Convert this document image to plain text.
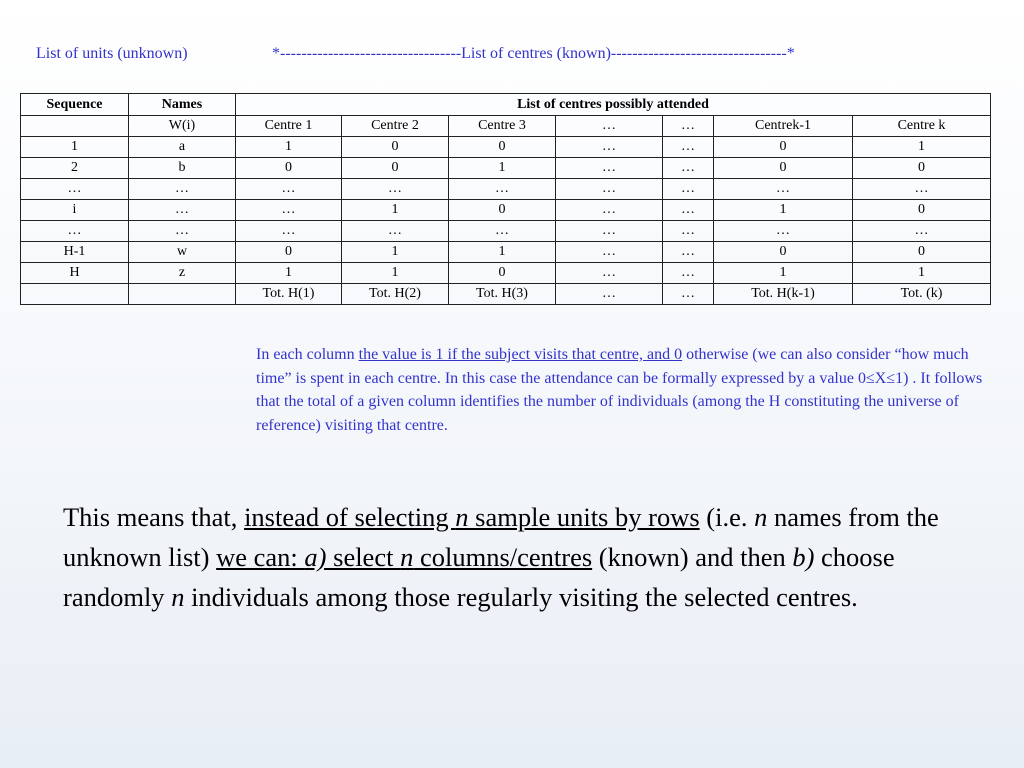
List of units (unknown)	*----------------------------------List of centres (known)---------------------------------*
Sequence	Names	List of centres possibly attended						
	W(i)	Centre 1	Centre 2	Centre 3	…	…	Centrek-1	Centre k
1	a	1	0	0	…	…	0	1
2	b	0	0	1	…	…	0	0
…	…	…	…	…	…	…	…	…
i	…	…	1	0	…	…	1	0
…	…	…	…	…	…	…	…	…
H-1	w	0	1	1	…	…	0	0
H	z	1	1	0	…	…	1	1
		Tot. H(1)	Tot. H(2)	Tot. H(3)	…	…	Tot. H(k-1)	Tot. (k)
In each column the value is 1 if the subject visits that centre, and 0 otherwise (we can also consider “how much time” is spent in each centre. In this case the attendance can be formally expressed by a value 0≤X≤1) . It follows that the total of a given column identifies the number of individuals (among the H constituting the universe of reference) visiting that centre.
This means that, instead of selecting n sample units by rows (i.e. n names from the unknown list) we can: a) select n columns/centres (known) and then b) choose randomly n individuals among those regularly visiting the selected centres.
